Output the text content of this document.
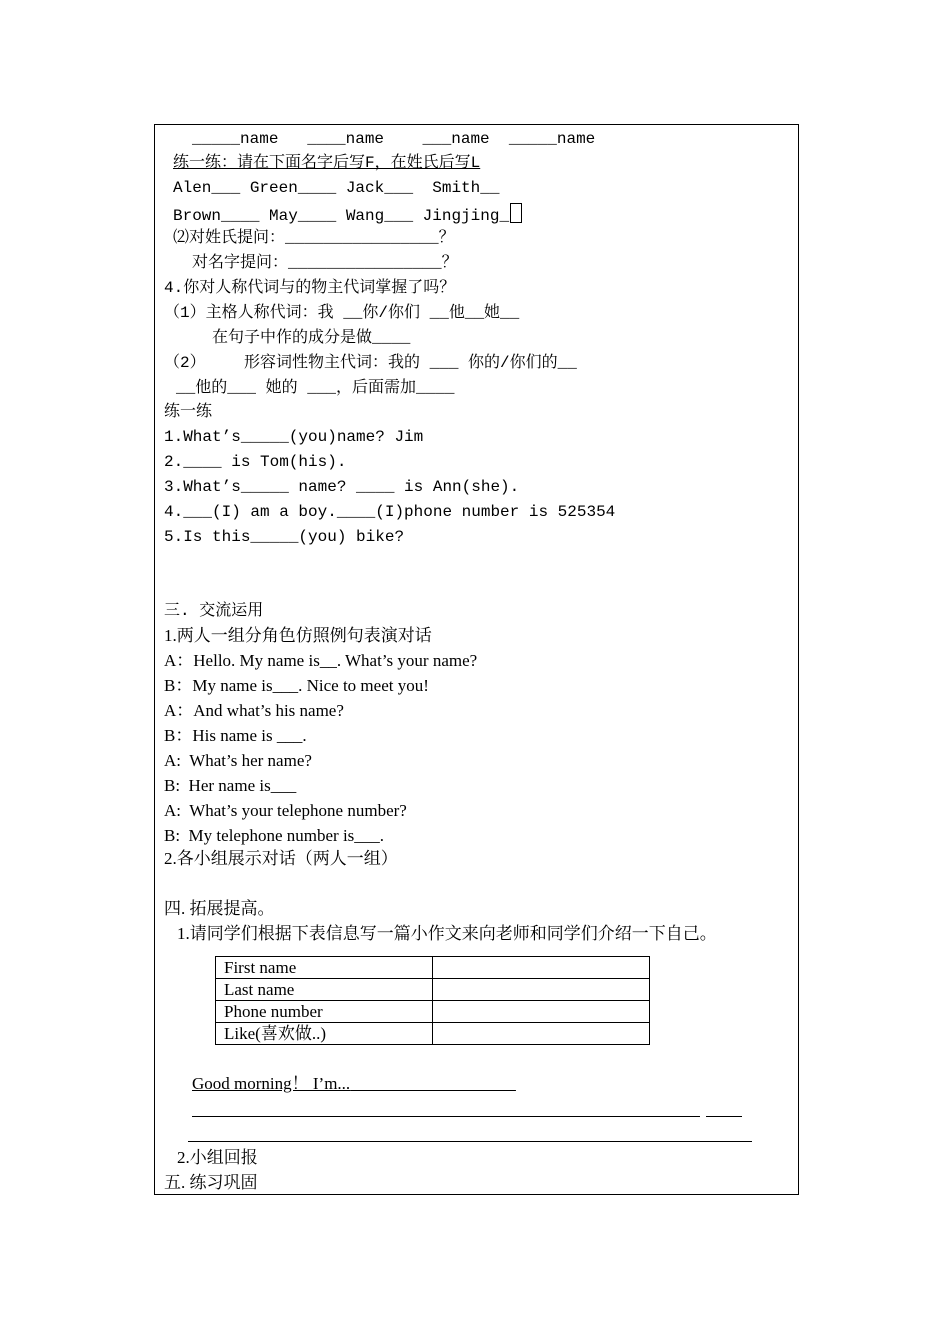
_____name   ____name    ___name  _____name
练一练：请在下面名字后写F，在姓氏后写L
Alen___ Green____ Jack___  Smith__
Brown____ May____ Wang___ Jingjing_
⑵对姓氏提问：________________？
对名字提问：________________？
4.你对人称代词与的物主代词掌握了吗？
（1）主格人称代词：我 __你/你们 __他__她__
在句子中作的成分是做____
（2）    形容词性物主代词：我的 ___ 你的/你们的__
__他的___ 她的 ___，后面需加____
练一练
1.What’s_____(you)name? Jim
2.____ is Tom(his).
3.What’s_____ name? ____ is Ann(she).
4.___(I) am a boy.____(I)phone number is 525354
5.Is this_____(you) bike?
三. 交流运用
1.两人一组分角色仿照例句表演对话
A：Hello. My name is__. What’s your name?
B：My name is___. Nice to meet you!
A：And what’s his name?
B：His name is ___.
A:  What’s her name?
B:  Her name is___
A:  What’s your telephone number?
B:  My telephone number is___.
2.各小组展示对话（两人一组）
四. 拓展提高。
1.请同学们根据下表信息写一篇小作文来向老师和同学们介绍一下自己。
First name	
Last name	
Phone number	
Like(喜欢做..)	
Good morning！ I’m...
2.小组回报
五. 练习巩固
